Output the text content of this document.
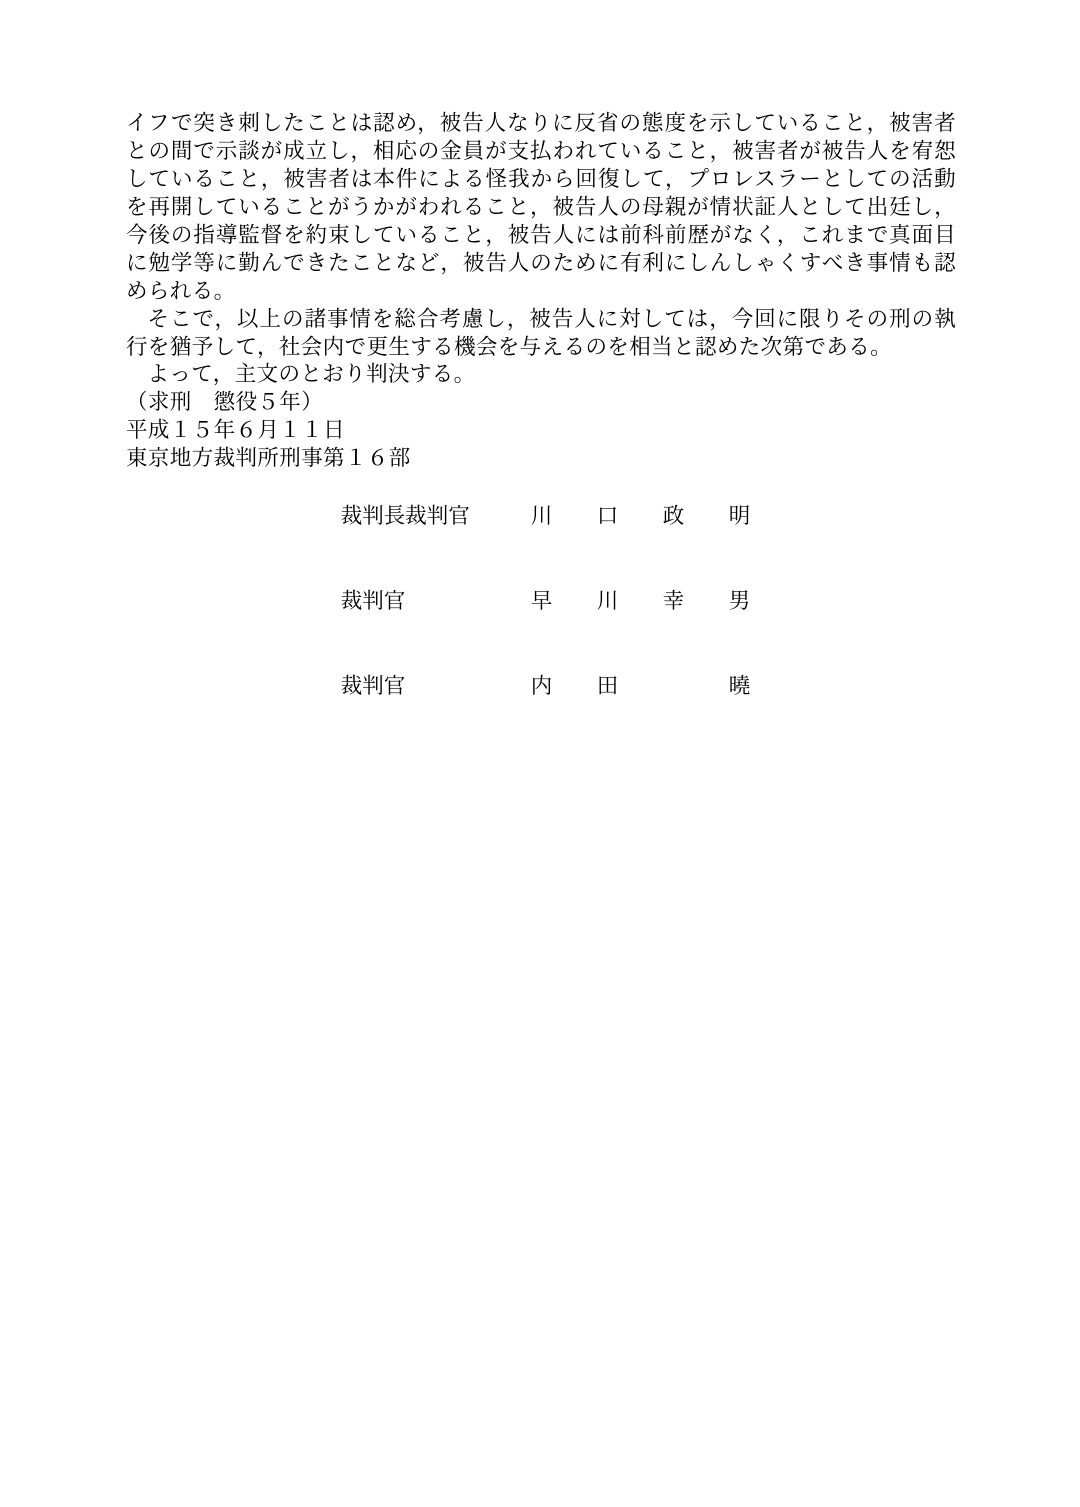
イフで突き刺したことは認め，被告人なりに反省の態度を示していること，被害者との間で示談が成立し，相応の金員が支払われていること，被害者が被告人を宥恕していること，被害者は本件による怪我から回復して，プロレスラーとしての活動を再開していることがうかがわれること，被告人の母親が情状証人として出廷し，今後の指導監督を約束していること，被告人には前科前歴がなく，これまで真面目に勉学等に勤んできたことなど，被告人のために有利にしんしゃくすべき事情も認められる。

そこで，以上の諸事情を総合考慮し，被告人に対しては，今回に限りその刑の執行を猶予して，社会内で更生する機会を与えるのを相当と認めた次第である。

よって，主文のとおり判決する。

（求刑　懲役５年）

平成１５年６月１１日

東京地方裁判所刑事第１６部

裁判長裁判官	川 口 政 明

裁判官	早 川 幸 男

裁判官	内 田	曉
